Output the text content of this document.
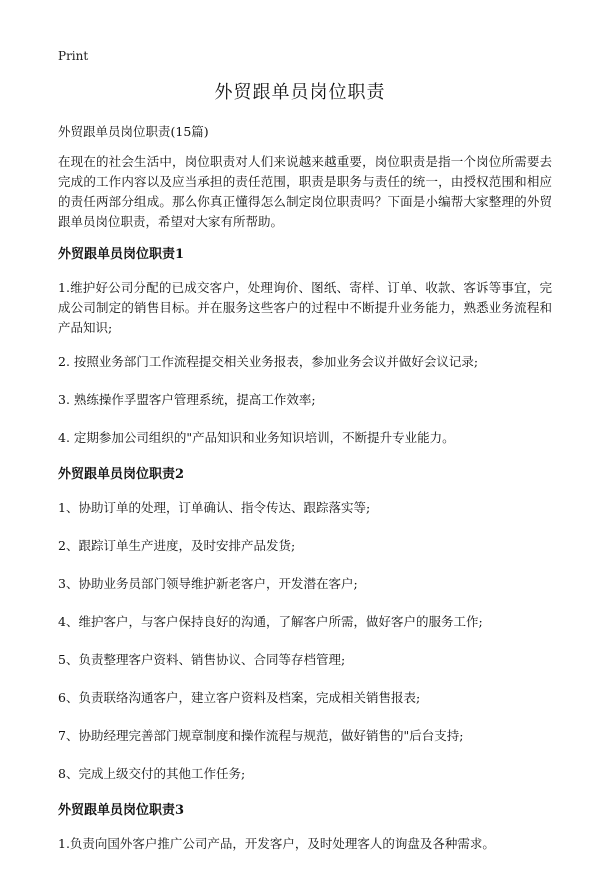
Print
外贸跟单员岗位职责

外贸跟单员岗位职责(15篇)

在现在的社会生活中，岗位职责对人们来说越来越重要，岗位职责是指一个岗位所需要去完成的工作内容以及应当承担的责任范围，职责是职务与责任的统一，由授权范围和相应的责任两部分组成。那么你真正懂得怎么制定岗位职责吗？下面是小编帮大家整理的外贸跟单员岗位职责，希望对大家有所帮助。

外贸跟单员岗位职责1

1.维护好公司分配的已成交客户，处理询价、图纸、寄样、订单、收款、客诉等事宜，完成公司制定的销售目标。并在服务这些客户的过程中不断提升业务能力，熟悉业务流程和产品知识;

2. 按照业务部门工作流程提交相关业务报表，参加业务会议并做好会议记录;

3. 熟练操作孚盟客户管理系统，提高工作效率;

4. 定期参加公司组织的"产品知识和业务知识培训，不断提升专业能力。

外贸跟单员岗位职责2

1、协助订单的处理，订单确认、指令传达、跟踪落实等;

2、跟踪订单生产进度，及时安排产品发货;

3、协助业务员部门领导维护新老客户，开发潜在客户;

4、维护客户，与客户保持良好的沟通，了解客户所需，做好客户的服务工作;

5、负责整理客户资料、销售协议、合同等存档管理;

6、负责联络沟通客户，建立客户资料及档案，完成相关销售报表;

7、协助经理完善部门规章制度和操作流程与规范，做好销售的"后台支持;

8、完成上级交付的其他工作任务;

外贸跟单员岗位职责3

1.负责向国外客户推广公司产品，开发客户，及时处理客人的询盘及各种需求。
